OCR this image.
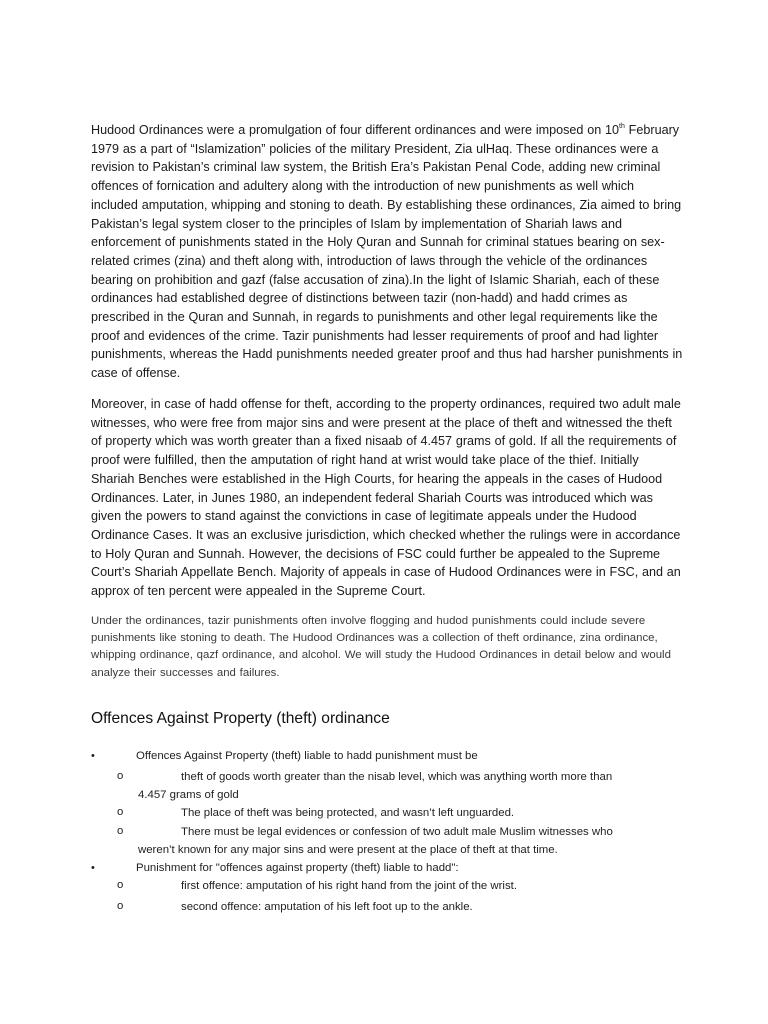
Hudood Ordinances were a promulgation of four different ordinances and were imposed on 10th February 1979 as a part of “Islamization” policies of the military President, Zia ulHaq. These ordinances were a revision to Pakistan’s criminal law system, the British Era’s Pakistan Penal Code, adding new criminal offences of fornication and adultery along with the introduction of new punishments as well which included amputation, whipping and stoning to death. By establishing these ordinances, Zia aimed to bring Pakistan’s legal system closer to the principles of Islam by implementation of Shariah laws and enforcement of punishments stated in the Holy Quran and Sunnah for criminal statues bearing on sex-related crimes (zina) and theft along with, introduction of laws through the vehicle of the ordinances bearing on prohibition and gazf (false accusation of zina).In the light of Islamic Shariah, each of these ordinances had established degree of distinctions between tazir (non-hadd) and hadd crimes as prescribed in the Quran and Sunnah, in regards to punishments and other legal requirements like the proof and evidences of the crime. Tazir punishments had lesser requirements of proof and had lighter punishments, whereas the Hadd punishments needed greater proof and thus had harsher punishments in case of offense.

Moreover, in case of hadd offense for theft, according to the property ordinances, required two adult male witnesses, who were free from major sins and were present at the place of theft and witnessed the theft of property which was worth greater than a fixed nisaab of 4.457 grams of gold. If all the requirements of proof were fulfilled, then the amputation of right hand at wrist would take place of the thief. Initially Shariah Benches were established in the High Courts, for hearing the appeals in the cases of Hudood Ordinances. Later, in Junes 1980, an independent federal Shariah Courts was introduced which was given the powers to stand against the convictions in case of legitimate appeals under the Hudood Ordinance Cases. It was an exclusive jurisdiction, which checked whether the rulings were in accordance to Holy Quran and Sunnah. However, the decisions of FSC could further be appealed to the Supreme Court’s Shariah Appellate Bench. Majority of appeals in case of Hudood Ordinances were in FSC, and an approx of ten percent were appealed in the Supreme Court.

Under the ordinances, tazir punishments often involve flogging and hudod punishments could include severe punishments like stoning to death. The Hudood Ordinances was a collection of theft ordinance, zina ordinance, whipping ordinance, qazf ordinance, and alcohol. We will study the Hudood Ordinances in detail below and would analyze their successes and failures.

Offences Against Property (theft) ordinance
•	Offences Against Property (theft) liable to hadd punishment must be
o	theft of goods worth greater than the nisab level, which was anything worth more than
4.457 grams of gold
o	The place of theft was being protected, and wasn’t left unguarded.
o	There must be legal evidences or confession of two adult male Muslim witnesses who
weren’t known for any major sins and were present at the place of theft at that time.
•	Punishment for "offences against property (theft) liable to hadd":
o	first offence: amputation of his right hand from the joint of the wrist.
o	second offence: amputation of his left foot up to the ankle.
